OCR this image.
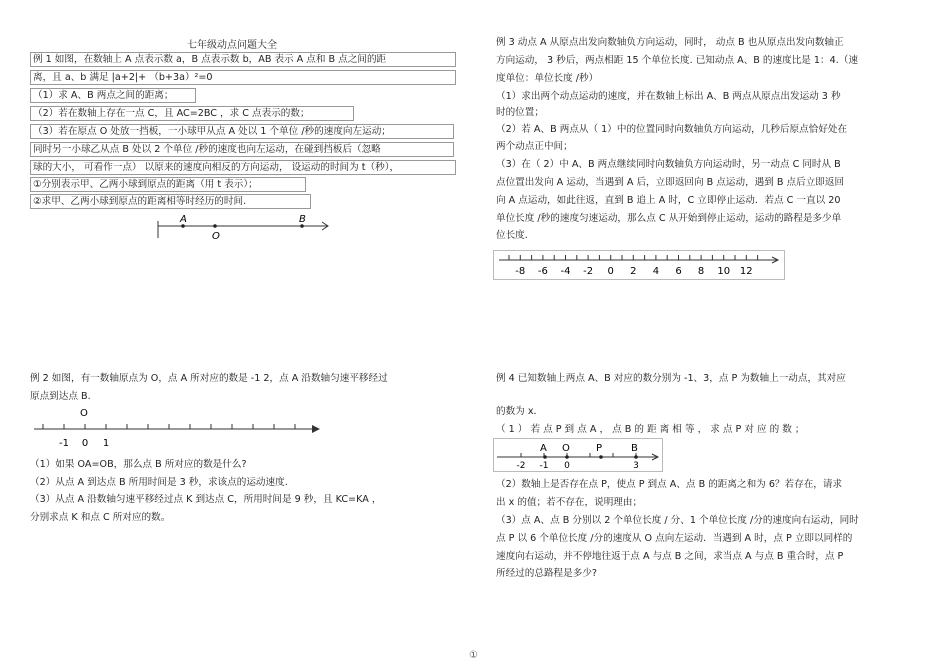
七年级动点问题大全
例 1 如图，在数轴上 A 点表示数 a，B 点表示数 b，AB 表示 A 点和 B 点之间的距
离，且 a、b 满足 |a+2|+ （b+3a）²=0
（1）求 A、B 两点之间的距离；
（2）若在数轴上存在一点 C，且 AC=2BC ，求 C 点表示的数；
（3）若在原点 O 处放一挡板，一小球甲从点 A 处以 1 个单位 /秒的速度向左运动；
同时另一小球乙从点 B 处以 2 个单位 /秒的速度也向左运动，在碰到挡板后（忽略
球的大小， 可看作一点） 以原来的速度向相反的方向运动， 设运动的时间为 t（秒），
①分别表示甲、乙两小球到原点的距离（用 t 表示）；
②求甲、乙两小球到原点的距离相等时经历的时间.
A
O
B
例 3 动点 A 从原点出发向数轴负方向运动，同时， 动点 B 也从原点出发向数轴正
方向运动， 3 秒后，两点相距 15 个单位长度. 已知动点 A、B 的速度比是 1：4.（速
度单位：单位长度 /秒）
（1）求出两个动点运动的速度，并在数轴上标出 A、B 两点从原点出发运动 3 秒
时的位置；
（2）若 A、B 两点从（ 1）中的位置同时向数轴负方向运动，几秒后原点恰好处在
两个动点正中间；
（3）在（ 2）中 A、B 两点继续同时向数轴负方向运动时，另一动点 C 同时从 B
点位置出发向 A 运动，当遇到 A 后，立即返回向 B 点运动，遇到 B 点后立即返回
向 A 点运动，如此往返，直到 B 追上 A 时，C 立即停止运动．若点 C 一直以 20
单位长度 /秒的速度匀速运动，那么点 C 从开始到停止运动，运动的路程是多少单
位长度.
-8 -6 -4 -2 0 2 4 6 8 10 12
例 2 如图，有一数轴原点为 O，点 A 所对应的数是 -1 2，点 A 沿数轴匀速平移经过
原点到达点 B.
O
-1 0 1
（1）如果 OA=OB，那么点 B 所对应的数是什么?
（2）从点 A 到达点 B 所用时间是 3 秒，求该点的运动速度.
（3）从点 A 沿数轴匀速平移经过点 K 到达点 C，所用时间是 9 秒，且 KC=KA ，
分别求点 K 和点 C 所对应的数。
例 4 已知数轴上两点 A、B 对应的数分别为 -1、3，点 P 为数轴上一动点，其对应
的数为 x．
（ 1 ） 若 点 P 到 点 A ， 点 B 的 距 离 相 等 ， 求 点 P 对 应 的 数 ；
-2 -1 0	3
A O	P	B
（2）数轴上是否存在点 P，使点 P 到点 A、点 B 的距离之和为 6？若存在，请求
出 x 的值；若不存在，说明理由；
（3）点 A、点 B 分别以 2 个单位长度 / 分、1 个单位长度 /分的速度向右运动，同时
点 P 以 6 个单位长度 /分的速度从 O 点向左运动．当遇到 A 时，点 P 立即以同样的
速度向右运动，并不停地往返于点 A 与点 B 之间，求当点 A 与点 B 重合时，点 P
所经过的总路程是多少?
①
